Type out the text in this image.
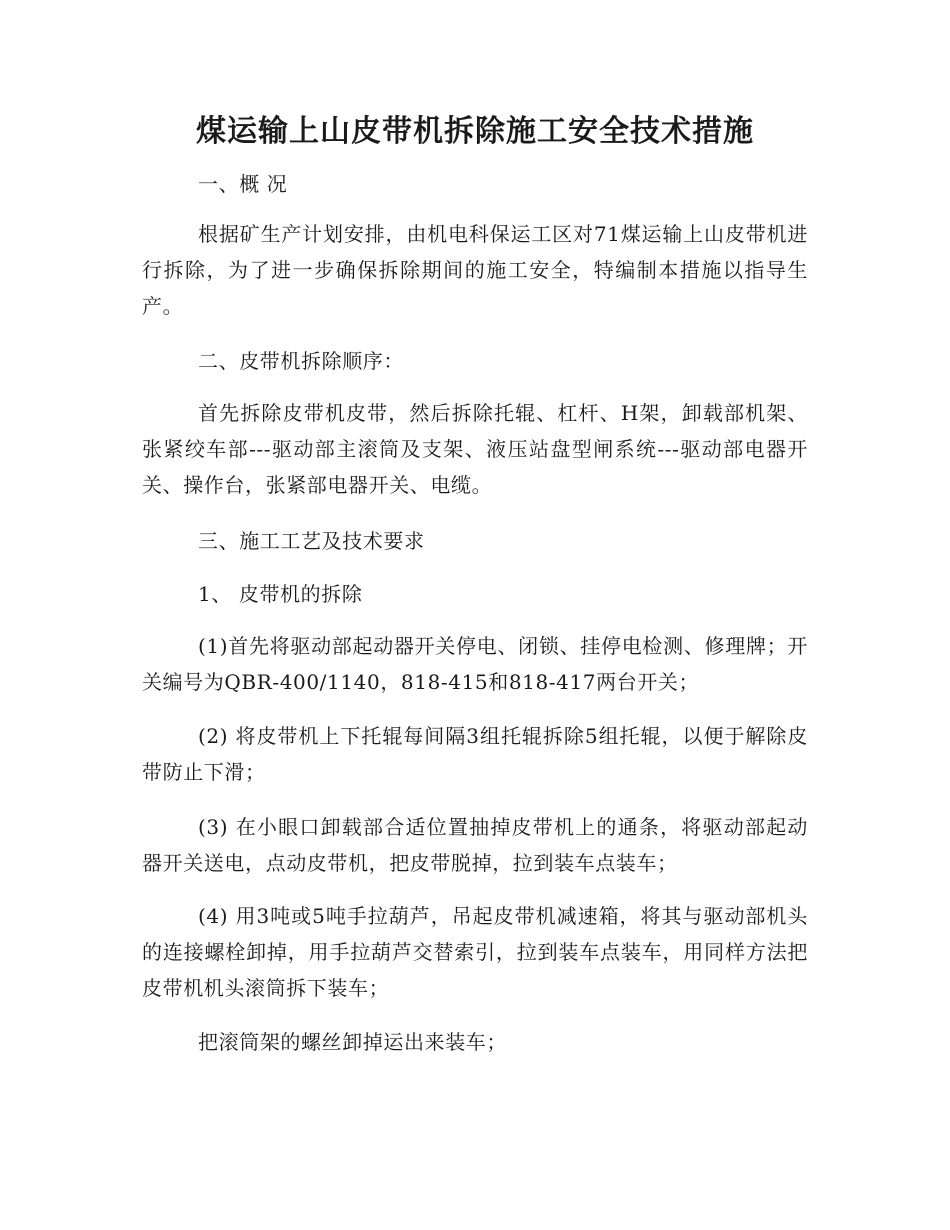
煤运输上山皮带机拆除施工安全技术措施

一、概 况

根据矿生产计划安排，由机电科保运工区对71煤运输上山皮带机进行拆除，为了进一步确保拆除期间的施工安全，特编制本措施以指导生产。

二、皮带机拆除顺序：

首先拆除皮带机皮带，然后拆除托辊、杠杆、H架，卸载部机架、张紧绞车部---驱动部主滚筒及支架、液压站盘型闸系统---驱动部电器开关、操作台，张紧部电器开关、电缆。

三、施工工艺及技术要求

1、 皮带机的拆除

(1)首先将驱动部起动器开关停电、闭锁、挂停电检测、修理牌；开关编号为QBR-400/1140，818-415和818-417两台开关；

(2) 将皮带机上下托辊每间隔3组托辊拆除5组托辊，以便于解除皮带防止下滑；

(3) 在小眼口卸载部合适位置抽掉皮带机上的通条，将驱动部起动器开关送电，点动皮带机，把皮带脱掉，拉到装车点装车；

(4) 用3吨或5吨手拉葫芦，吊起皮带机减速箱，将其与驱动部机头的连接螺栓卸掉，用手拉葫芦交替索引，拉到装车点装车，用同样方法把皮带机机头滚筒拆下装车；

把滚筒架的螺丝卸掉运出来装车；
